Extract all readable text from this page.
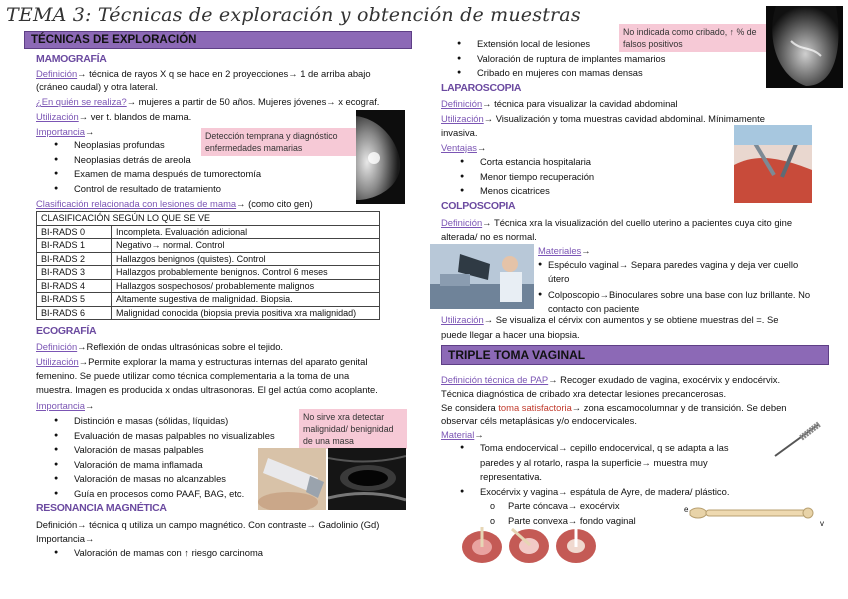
TEMA 3: Técnicas de exploración y obtención de muestras
TÉCNICAS DE EXPLORACIÓN
MAMOGRAFÍA
Definición→ técnica de rayos X q se hace en 2 proyecciones→ 1 de arriba abajo
(cráneo caudal) y otra lateral.
¿En quién se realiza?→ mujeres a partir de 50 años. Mujeres jóvenes→ x ecograf.
Utilización→ ver t. blandos de mama.
Importancia→	Detección temprana y diagnóstico enfermedades mamarias
● Neoplasias profundas
● Neoplasias detrás de areola
● Examen de mama después de tumorectomía
● Control de resultado de tratamiento
Clasificación relacionada con lesiones de mama→ (como cito gen)
CLASIFICACIÓN SEGÚN LO QUE SE VE	
BI-RADS 0	Incompleta. Evaluación adicional
BI-RADS 1	Negativo→ normal. Control
BI-RADS 2	Hallazgos benignos (quistes). Control
BI-RADS 3	Hallazgos probablemente benignos. Control 6 meses
BI-RADS 4	Hallazgos sospechosos/ probablemente malignos
BI-RADS 5	Altamente sugestiva de malignidad. Biopsia.
BI-RADS 6	Malignidad conocida (biopsia previa positiva xra malignidad)
ECOGRAFÍA
Definición→Reflexión de ondas ultrasónicas sobre el tejido.
Utilización→Permite explorar la mama y estructuras internas del aparato genital
femenino. Se puede utilizar como técnica complementaria a la toma de una
muestra. Imagen es producida x ondas ultrasonoras. El gel actúa como acoplante.
Importancia→
No sirve xra detectar malignidad/ benignidad de una masa
● Distinción e masas (sólidas, líquidas)
● Evaluación de masas palpables no visualizables
● Valoración de masas palpables
● Valoración de mama inflamada
● Valoración de masas no alcanzables
● Guía en procesos como PAAF, BAG, etc.
RESONANCIA MAGNÉTICA
Definición→ técnica q utiliza un campo magnético. Con contraste→ Gadolinio (Gd)
Importancia→
● Valoración de mamas con ↑ riesgo carcinoma
● Extensión local de lesiones
● Valoración de ruptura de implantes mamarios
● Cribado en mujeres con mamas densas
No indicada como cribado, ↑ % de falsos positivos
LAPAROSCOPIA
Definición→ técnica para visualizar la cavidad abdominal
Utilización→ Visualización y toma muestras cavidad abdominal. Mínimamente
invasiva.
Ventajas→
● Corta estancia hospitalaria
● Menor tiempo recuperación
● Menos cicatrices
COLPOSCOPIA
Definición→ Técnica xra la visualización del cuello uterino a pacientes cuya cito gine
alterada/ no es normal.
Materiales→
● Espéculo vaginal→ Separa paredes vagina y deja ver cuello útero
● Colposcopio→Binoculares sobre una base con luz brillante. No contacto con paciente
Utilización→ Se visualiza el cérvix con aumentos y se obtiene muestras del =. Se
puede llegar a hacer una biopsia.
TRIPLE TOMA VAGINAL
Definición técnica de PAP→ Recoger exudado de vagina, exocérvix y endocérvix.
Técnica diagnóstica de cribado xra detectar lesiones precancerosas.
Se considera toma satisfactoria→ zona escamocolumnar y de transición. Se deben
observar céls metaplásicas y/o endocervicales.
Material→
● Toma endocervical→ cepillo endocervical, q se adapta a las
paredes y al rotarlo, raspa la superficie→ muestra muy
representativa.
● Exocérvix y vagina→ espátula de Ayre, de madera/ plástico.
o Parte cóncava→ exocérvix
o Parte convexa→ fondo vaginal
e
v
